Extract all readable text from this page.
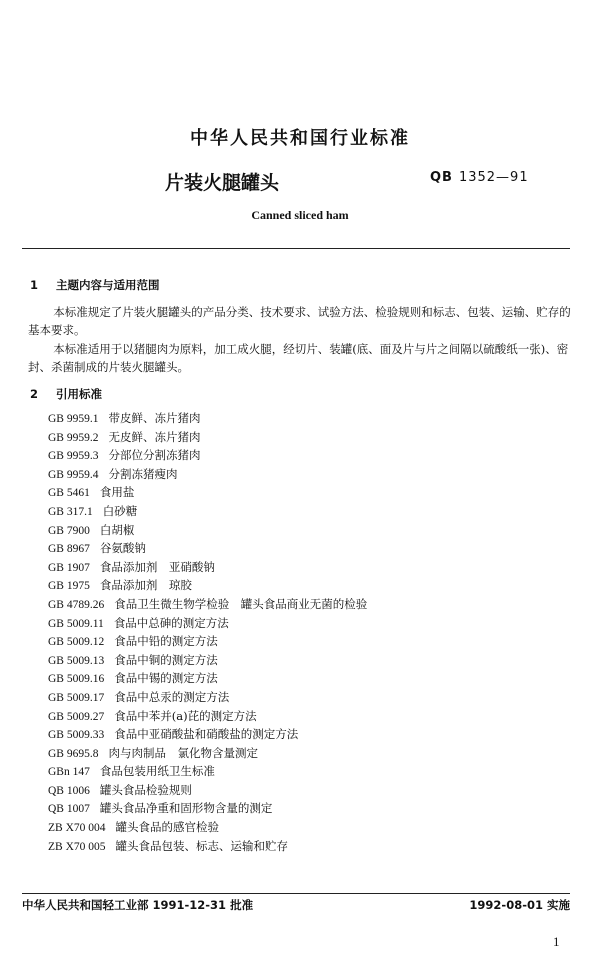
中华人民共和国行业标准
片装火腿罐头	QB 1352—91
Canned sliced ham
1 主题内容与适用范围
本标准规定了片装火腿罐头的产品分类、技术要求、试验方法、检验规则和标志、包装、运输、贮存的基本要求。
本标准适用于以猪腿肉为原料，加工成火腿，经切片、装罐(底、面及片与片之间隔以硫酸纸一张)、密封、杀菌制成的片装火腿罐头。
2 引用标准
GB 9959.1 带皮鲜、冻片猪肉
GB 9959.2 无皮鲜、冻片猪肉
GB 9959.3 分部位分割冻猪肉
GB 9959.4 分割冻猪瘦肉
GB 5461 食用盐
GB 317.1 白砂糖
GB 7900 白胡椒
GB 8967 谷氨酸钠
GB 1907 食品添加剂　亚硝酸钠
GB 1975 食品添加剂　琼胶
GB 4789.26 食品卫生微生物学检验　罐头食品商业无菌的检验
GB 5009.11 食品中总砷的测定方法
GB 5009.12 食品中铅的测定方法
GB 5009.13 食品中铜的测定方法
GB 5009.16 食品中锡的测定方法
GB 5009.17 食品中总汞的测定方法
GB 5009.27 食品中苯并(a)芘的测定方法
GB 5009.33 食品中亚硝酸盐和硝酸盐的测定方法
GB 9695.8 肉与肉制品　氯化物含量测定
GBn 147 食品包装用纸卫生标准
QB 1006 罐头食品检验规则
QB 1007 罐头食品净重和固形物含量的测定
ZB X70 004 罐头食品的感官检验
ZB X70 005 罐头食品包装、标志、运输和贮存
中华人民共和国轻工业部 1991-12-31 批准	1992-08-01 实施
1
